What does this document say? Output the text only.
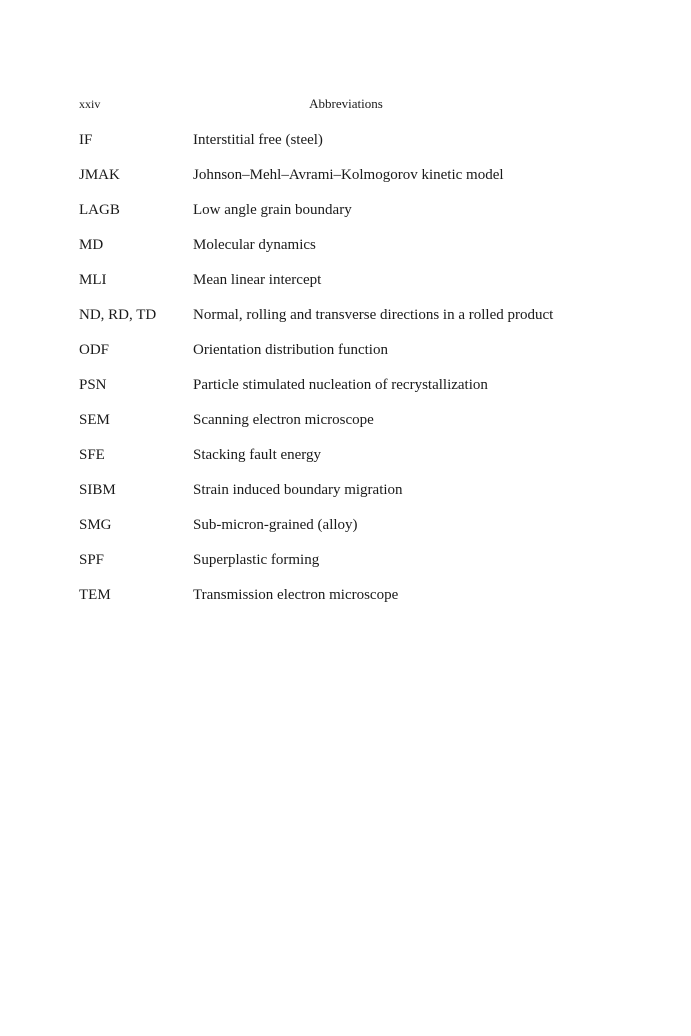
xxiv	Abbreviations
IF	Interstitial free (steel)
JMAK	Johnson–Mehl–Avrami–Kolmogorov kinetic model
LAGB	Low angle grain boundary
MD	Molecular dynamics
MLI	Mean linear intercept
ND, RD, TD	Normal, rolling and transverse directions in a rolled product
ODF	Orientation distribution function
PSN	Particle stimulated nucleation of recrystallization
SEM	Scanning electron microscope
SFE	Stacking fault energy
SIBM	Strain induced boundary migration
SMG	Sub-micron-grained (alloy)
SPF	Superplastic forming
TEM	Transmission electron microscope
